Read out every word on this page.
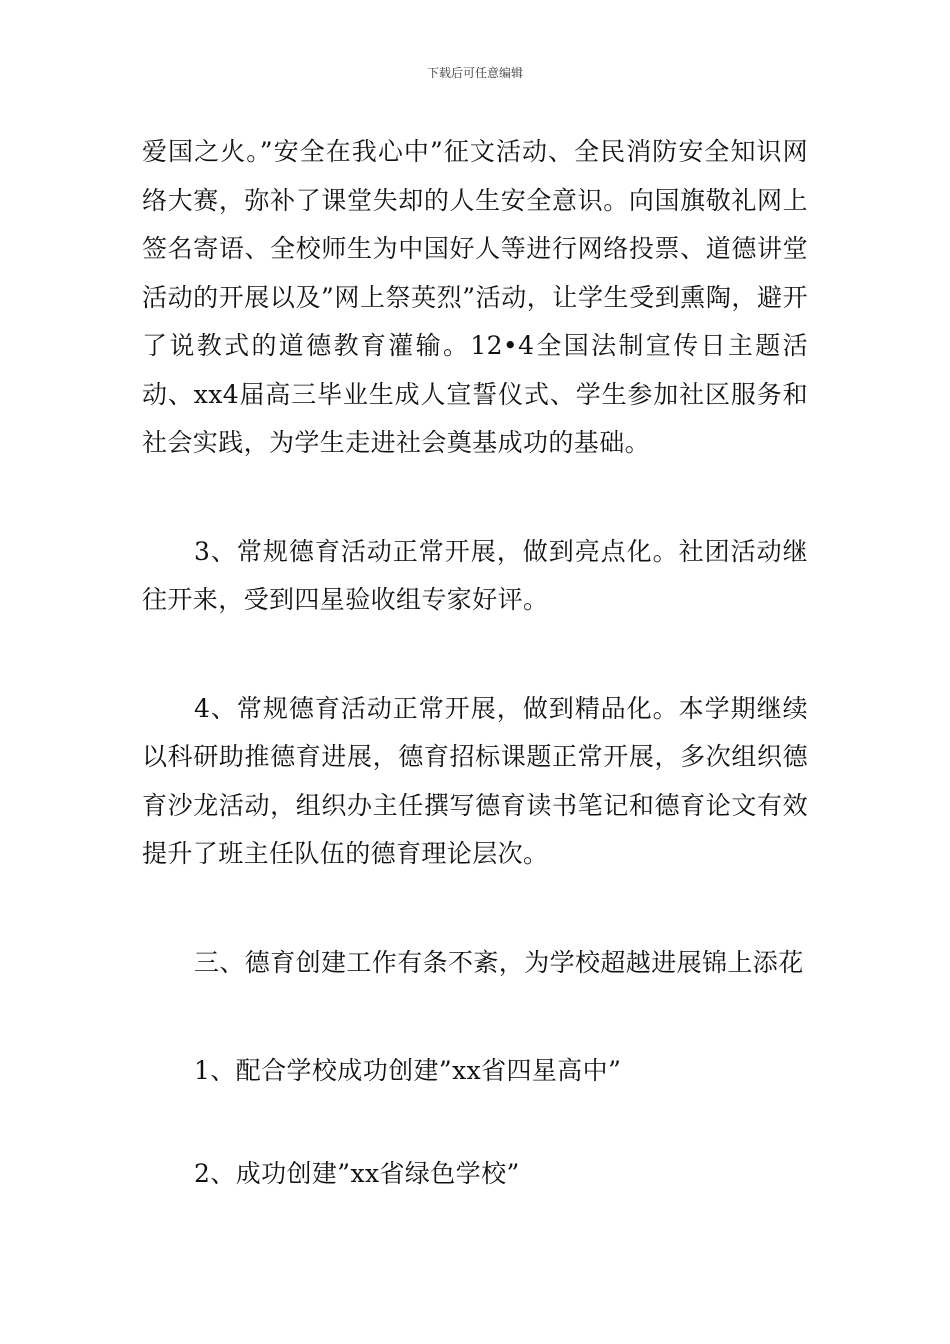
下载后可任意编辑

爱国之火。”安全在我心中”征文活动、全民消防安全知识网络大赛，弥补了课堂失却的人生安全意识。向国旗敬礼网上签名寄语、全校师生为中国好人等进行网络投票、道德讲堂活动的开展以及”网上祭英烈”活动，让学生受到熏陶，避开了说教式的道德教育灌输。12•4全国法制宣传日主题活动、xx4届高三毕业生成人宣誓仪式、学生参加社区服务和社会实践，为学生走进社会奠基成功的基础。

3、常规德育活动正常开展，做到亮点化。社团活动继往开来，受到四星验收组专家好评。

4、常规德育活动正常开展，做到精品化。本学期继续以科研助推德育进展，德育招标课题正常开展，多次组织德育沙龙活动，组织办主任撰写德育读书笔记和德育论文有效提升了班主任队伍的德育理论层次。

三、德育创建工作有条不紊，为学校超越进展锦上添花

1、配合学校成功创建”xx省四星高中”

2、成功创建”xx省绿色学校”
